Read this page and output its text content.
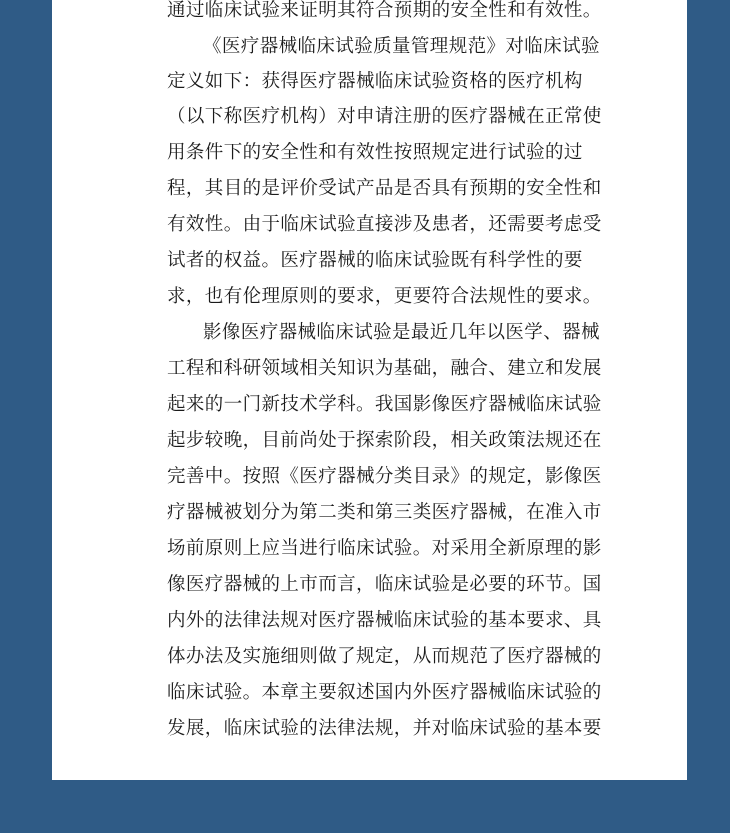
通过临床试验来证明其符合预期的安全性和有效性。
《医疗器械临床试验质量管理规范》对临床试验
定义如下：获得医疗器械临床试验资格的医疗机构
（以下称医疗机构）对申请注册的医疗器械在正常使
用条件下的安全性和有效性按照规定进行试验的过
程，其目的是评价受试产品是否具有预期的安全性和
有效性。由于临床试验直接涉及患者，还需要考虑受
试者的权益。医疗器械的临床试验既有科学性的要
求，也有伦理原则的要求，更要符合法规性的要求。
影像医疗器械临床试验是最近几年以医学、器械
工程和科研领域相关知识为基础，融合、建立和发展
起来的一门新技术学科。我国影像医疗器械临床试验
起步较晚，目前尚处于探索阶段，相关政策法规还在
完善中。按照《医疗器械分类目录》的规定，影像医
疗器械被划分为第二类和第三类医疗器械，在准入市
场前原则上应当进行临床试验。对采用全新原理的影
像医疗器械的上市而言，临床试验是必要的环节。国
内外的法律法规对医疗器械临床试验的基本要求、具
体办法及实施细则做了规定，从而规范了医疗器械的
临床试验。本章主要叙述国内外医疗器械临床试验的
发展，临床试验的法律法规，并对临床试验的基本要
